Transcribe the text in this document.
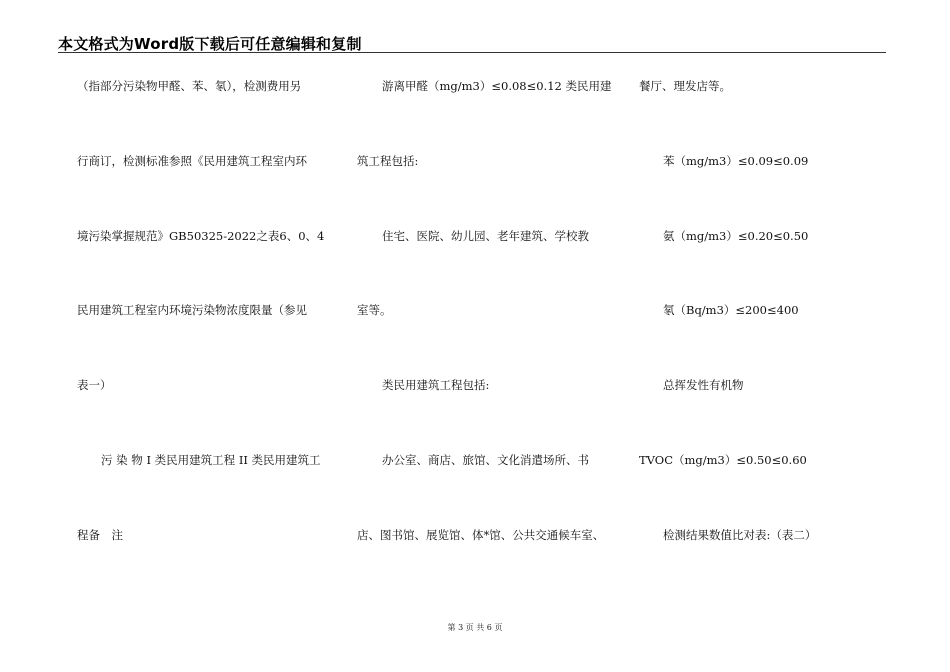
本文格式为Word版下载后可任意编辑和复制
（指部分污染物甲醛、苯、氡），检测费用另
行商订，检测标准参照《民用建筑工程室内环
境污染掌握规范》GB50325-2022之表6、0、4
民用建筑工程室内环境污染物浓度限量（参见
表一）
污 染 物 I 类民用建筑工程 II 类民用建筑工
程备　注
游离甲醛（mg/m3）≤0.08≤0.12 类民用建
筑工程包括:
住宅、医院、幼儿园、老年建筑、学校教
室等。
类民用建筑工程包括:
办公室、商店、旅馆、文化消遣场所、书
店、图书馆、展览馆、体*馆、公共交通候车室、
餐厅、理发店等。
苯（mg/m3）≤0.09≤0.09
氨（mg/m3）≤0.20≤0.50
氡（Bq/m3）≤200≤400
总挥发性有机物
TVOC（mg/m3）≤0.50≤0.60
检测结果数值比对表:（表二）
第 3 页 共 6 页
